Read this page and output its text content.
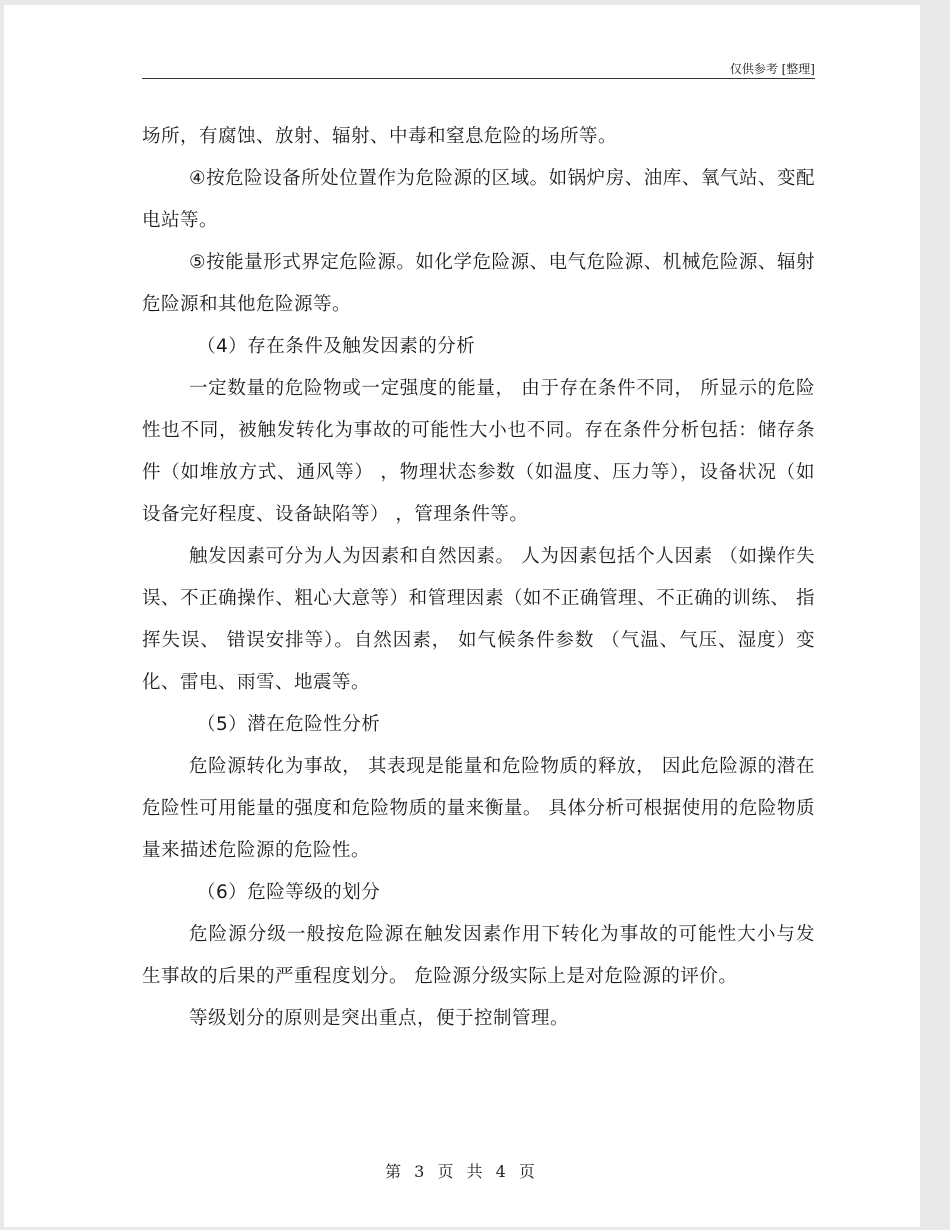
仅供参考 [整理]

场所，有腐蚀、放射、辐射、中毒和窒息危险的场所等。

④按危险设备所处位置作为危险源的区域。如锅炉房、油库、氧气站、变配电站等。

⑤按能量形式界定危险源。如化学危险源、电气危险源、机械危险源、辐射危险源和其他危险源等。

（4）存在条件及触发因素的分析

一定数量的危险物或一定强度的能量， 由于存在条件不同， 所显示的危险性也不同，被触发转化为事故的可能性大小也不同。存在条件分析包括：储存条件（如堆放方式、通风等） ，物理状态参数（如温度、压力等），设备状况（如设备完好程度、设备缺陷等） ，管理条件等。

触发因素可分为人为因素和自然因素。 人为因素包括个人因素 （如操作失误、不正确操作、粗心大意等）和管理因素（如不正确管理、不正确的训练、 指挥失误、 错误安排等）。自然因素， 如气候条件参数 （气温、气压、湿度）变化、雷电、雨雪、地震等。

（5）潜在危险性分析

危险源转化为事故， 其表现是能量和危险物质的释放， 因此危险源的潜在危险性可用能量的强度和危险物质的量来衡量。 具体分析可根据使用的危险物质量来描述危险源的危险性。

（6）危险等级的划分

危险源分级一般按危险源在触发因素作用下转化为事故的可能性大小与发生事故的后果的严重程度划分。 危险源分级实际上是对危险源的评价。

等级划分的原则是突出重点，便于控制管理。

第 3 页 共 4 页
